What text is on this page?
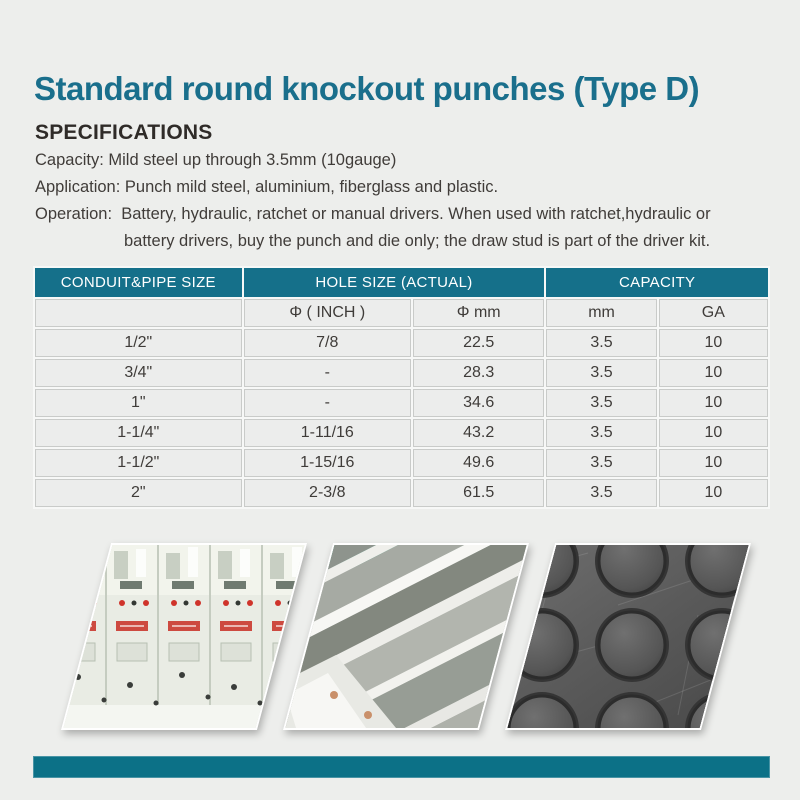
Standard round knockout punches (Type D)
SPECIFICATIONS

Capacity: Mild steel up through 3.5mm (10gauge)

Application: Punch mild steel, aluminium, fiberglass and plastic.

Operation:  Battery, hydraulic, ratchet or manual drivers. When used with ratchet,hydraulic or

battery drivers, buy the punch and die only; the draw stud is part of the driver kit.

CONDUIT&PIPE SIZE	HOLE SIZE (ACTUAL)		CAPACITY	
	Φ ( INCH )	Φ mm	mm	GA
1/2"	7/8	22.5	3.5	10
3/4"	-	28.3	3.5	10
1"	-	34.6	3.5	10
1-1/4"	1-11/16	43.2	3.5	10
1-1/2"	1-15/16	49.6	3.5	10
2"	2-3/8	61.5	3.5	10
